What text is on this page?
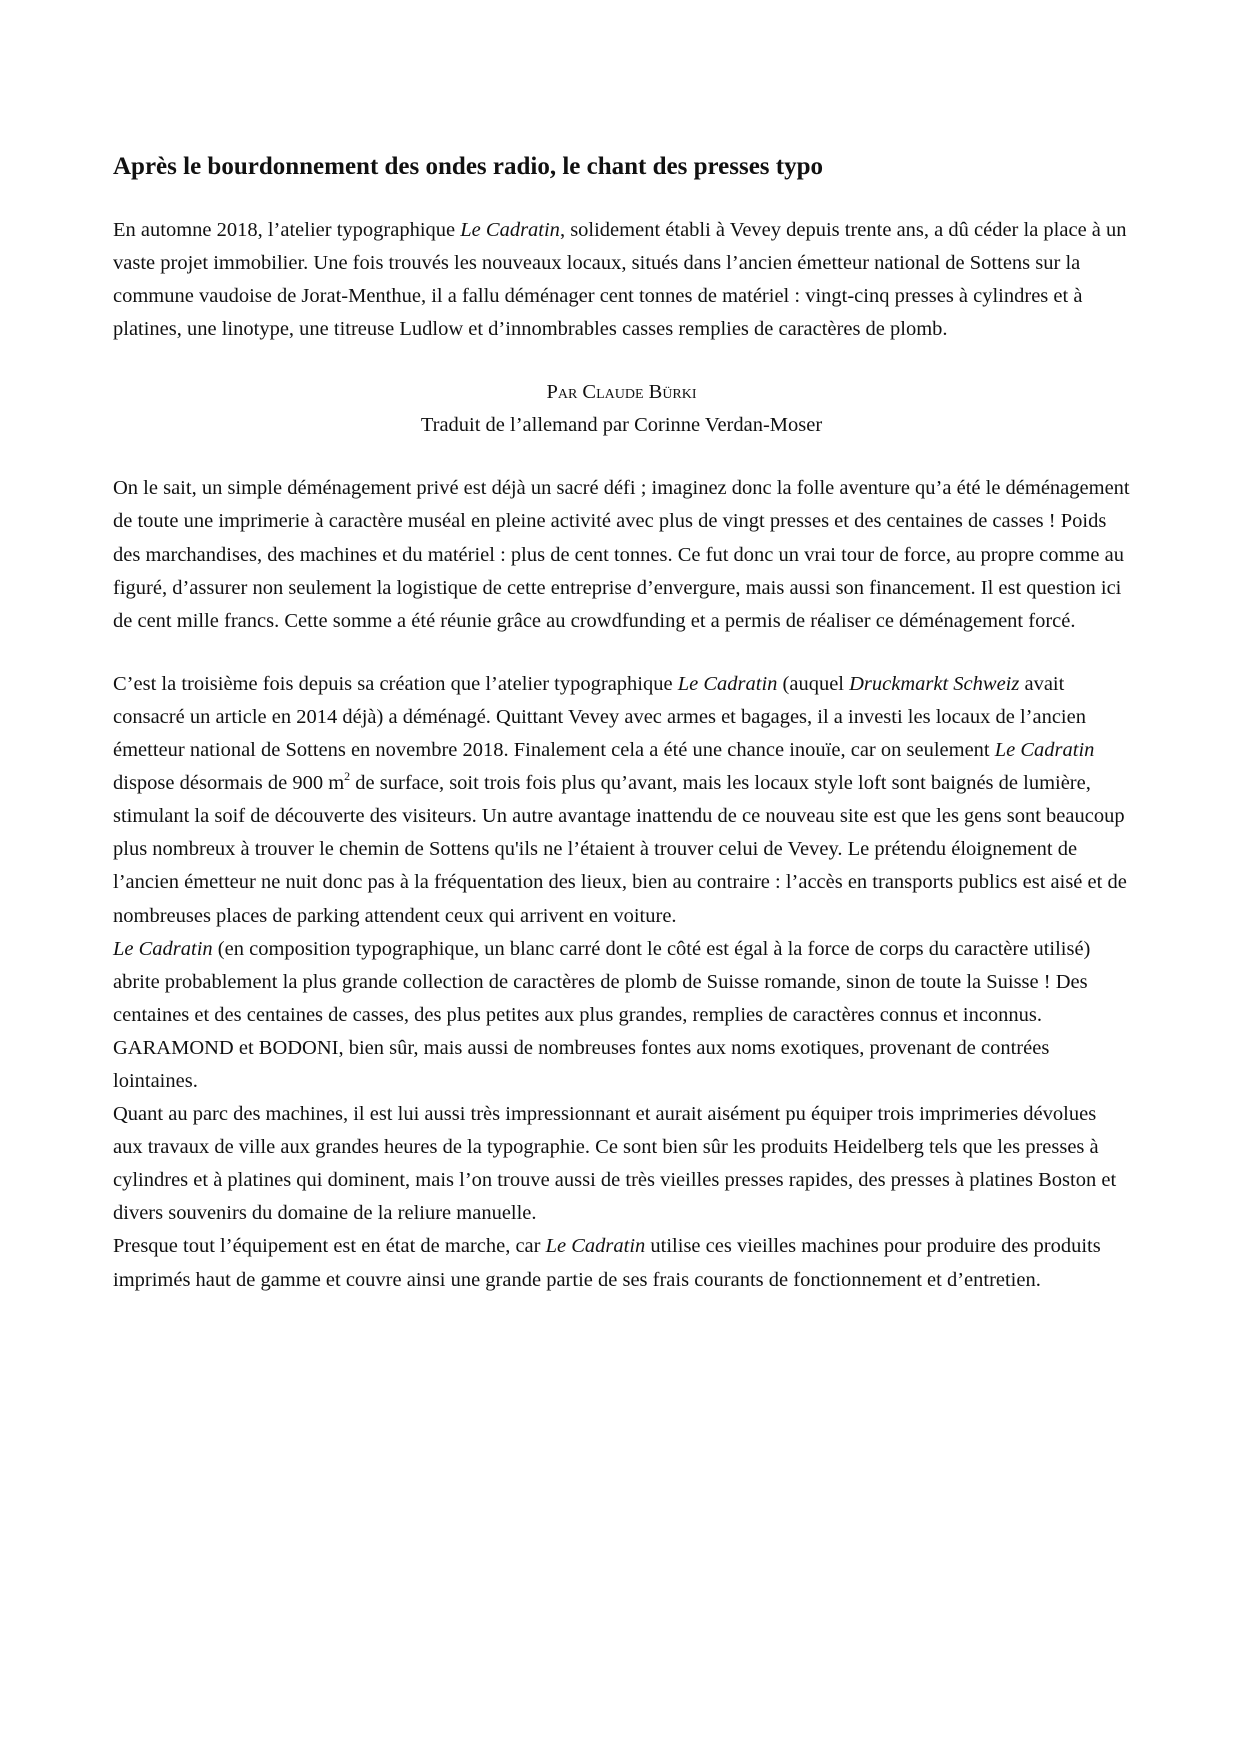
Après le bourdonnement des ondes radio, le chant des presses typo

En automne 2018, l’atelier typographique Le Cadratin, solidement établi à Vevey depuis trente ans, a dû céder la place à un vaste projet immobilier. Une fois trouvés les nouveaux locaux, situés dans l’ancien émetteur national de Sottens sur la commune vaudoise de Jorat-Menthue, il a fallu déménager cent tonnes de matériel : vingt-cinq presses à cylindres et à platines, une linotype, une titreuse Ludlow et d’innombrables casses remplies de caractères de plomb.

Par Claude Bürki
Traduit de l’allemand par Corinne Verdan-Moser

On le sait, un simple déménagement privé est déjà un sacré défi ; imaginez donc la folle aventure qu’a été le déménagement de toute une imprimerie à caractère muséal en pleine activité avec plus de vingt presses et des centaines de casses ! Poids des marchandises, des machines et du matériel : plus de cent tonnes. Ce fut donc un vrai tour de force, au propre comme au figuré, d’assurer non seulement la logistique de cette entreprise d’envergure, mais aussi son financement. Il est question ici de cent mille francs. Cette somme a été réunie grâce au crowdfunding et a permis de réaliser ce déménagement forcé.

C’est la troisième fois depuis sa création que l’atelier typographique Le Cadratin (auquel Druckmarkt Schweiz avait consacré un article en 2014 déjà) a déménagé. Quittant Vevey avec armes et bagages, il a investi les locaux de l’ancien émetteur national de Sottens en novembre 2018. Finalement cela a été une chance inouïe, car on seulement Le Cadratin dispose désormais de 900 $m^2$ de surface, soit trois fois plus qu’avant, mais les locaux style loft sont baignés de lumière, stimulant la soif de découverte des visiteurs. Un autre avantage inattendu de ce nouveau site est que les gens sont beaucoup plus nombreux à trouver le chemin de Sottens qu'ils ne l’étaient à trouver celui de Vevey. Le prétendu éloignement de l’ancien émetteur ne nuit donc pas à la fréquentation des lieux, bien au contraire : l’accès en transports publics est aisé et de nombreuses places de parking attendent ceux qui arrivent en voiture.

Le Cadratin (en composition typographique, un blanc carré dont le côté est égal à la force de corps du caractère utilisé) abrite probablement la plus grande collection de caractères de plomb de Suisse romande, sinon de toute la Suisse ! Des centaines et des centaines de casses, des plus petites aux plus grandes, remplies de caractères connus et inconnus. GARAMOND et BODONI, bien sûr, mais aussi de nombreuses fontes aux noms exotiques, provenant de contrées lointaines.

Quant au parc des machines, il est lui aussi très impressionnant et aurait aisément pu équiper trois imprimeries dévolues aux travaux de ville aux grandes heures de la typographie. Ce sont bien sûr les produits Heidelberg tels que les presses à cylindres et à platines qui dominent, mais l’on trouve aussi de très vieilles presses rapides, des presses à platines Boston et divers souvenirs du domaine de la reliure manuelle.

Presque tout l’équipement est en état de marche, car Le Cadratin utilise ces vieilles machines pour produire des produits imprimés haut de gamme et couvre ainsi une grande partie de ses frais courants de fonctionnement et d’entretien.
